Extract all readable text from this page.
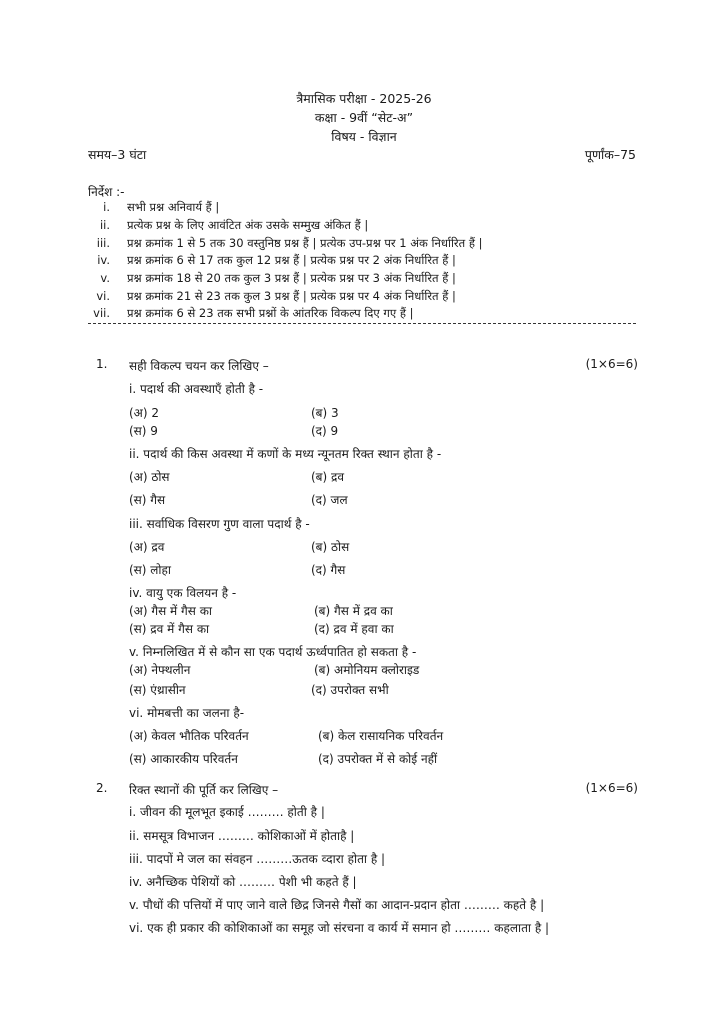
त्रैमासिक परीक्षा - 2025-26
कक्षा - 9वीं “सेट-अ”
विषय - विज्ञान
समय–3 घंटा	पूर्णांक–75
निर्देश :-
i. सभी प्रश्न अनिवार्य हैं |
ii. प्रत्येक प्रश्न के लिए आवंटित अंक उसके सम्मुख अंकित हैं |
iii. प्रश्न क्रमांक 1 से 5 तक 30 वस्तुनिष्ठ प्रश्न हैं | प्रत्येक उप-प्रश्न पर 1 अंक निर्धारित हैं |
iv. प्रश्न क्रमांक 6 से 17 तक कुल 12 प्रश्न हैं | प्रत्येक प्रश्न पर 2 अंक निर्धारित हैं |
v. प्रश्न क्रमांक 18 से 20 तक कुल 3 प्रश्न हैं | प्रत्येक प्रश्न पर 3 अंक निर्धारित हैं |
vi. प्रश्न क्रमांक 21 से 23 तक कुल 3 प्रश्न हैं | प्रत्येक प्रश्न पर 4 अंक निर्धारित हैं |
vii. प्रश्न क्रमांक 6 से 23 तक सभी प्रश्नों के आंतरिक विकल्प दिए गए हैं |
1. सही विकल्प चयन कर लिखिए –	(1×6=6)
i. पदार्थ की अवस्थाएँ होती है -
(अ) 2	(ब) 3
(स) 9	(द) 9
ii. पदार्थ की किस अवस्था में कणों के मध्य न्यूनतम रिक्त स्थान होता है -
(अ) ठोस	(ब) द्रव
(स) गैस	(द) जल
iii. सर्वाधिक विसरण गुण वाला पदार्थ है -
(अ) द्रव	(ब) ठोस
(स) लोहा	(द) गैस
iv. वायु एक विलयन है -
(अ) गैस में गैस का	(ब) गैस में द्रव का
(स) द्रव में गैस का	(द) द्रव में हवा का
v. निम्नलिखित में से कौन सा एक पदार्थ ऊर्ध्वपातित हो सकता है -
(अ) नेफ्थलीन	(ब) अमोनियम क्लोराइड
(स) एंथ्रासीन	(द) उपरोक्त सभी
vi. मोमबत्ती का जलना है-
(अ) केवल भौतिक परिवर्तन	(ब) केल रासायनिक परिवर्तन
(स) आकारकीय परिवर्तन	(द) उपरोक्त में से कोई नहीं
2. रिक्त स्थानों की पूर्ति कर लिखिए –	(1×6=6)
i. जीवन की मूलभूत इकाई ……… होती है |
ii. समसूत्र विभाजन ……… कोशिकाओं में होताहै |
iii. पादपों मे जल का संवहन ………ऊतक व्दारा होता है |
iv. अनैच्छिक पेशियों को ……… पेशी भी कहते हैं |
v. पौधों की पत्तियों में पाए जाने वाले छिद्र जिनसे गैसों का आदान-प्रदान होता ……… कहते है |
vi. एक ही प्रकार की कोशिकाओं का समूह जो संरचना व कार्य में समान हो ……… कहलाता है |
